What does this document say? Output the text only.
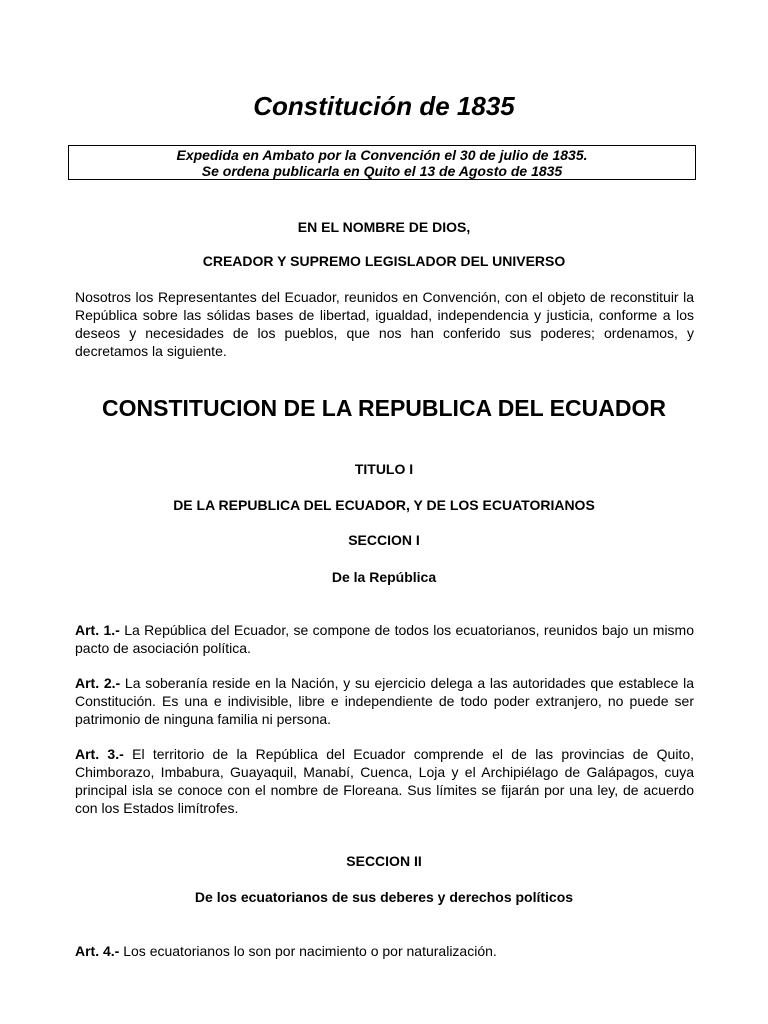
Constitución de 1835
Expedida en Ambato por la Convención el 30 de julio de 1835.
Se ordena publicarla en Quito el 13 de Agosto de 1835
EN EL NOMBRE DE DIOS,
CREADOR Y SUPREMO LEGISLADOR DEL UNIVERSO
Nosotros los Representantes del Ecuador, reunidos en Convención, con el objeto de reconstituir la República sobre las sólidas bases de libertad, igualdad, independencia y justicia, conforme a los deseos y necesidades de los pueblos, que nos han conferido sus poderes; ordenamos, y decretamos la siguiente.
CONSTITUCION DE LA REPUBLICA DEL ECUADOR
TITULO I
DE LA REPUBLICA DEL ECUADOR, Y DE LOS ECUATORIANOS
SECCION I
De la República
Art. 1.- La República del Ecuador, se compone de todos los ecuatorianos, reunidos bajo un mismo pacto de asociación política.
Art. 2.- La soberanía reside en la Nación, y su ejercicio delega a las autoridades que establece la Constitución. Es una e indivisible, libre e independiente de todo poder extranjero, no puede ser patrimonio de ninguna familia ni persona.
Art. 3.- El territorio de la República del Ecuador comprende el de las provincias de Quito, Chimborazo, Imbabura, Guayaquil, Manabí, Cuenca, Loja y el Archipiélago de Galápagos, cuya principal isla se conoce con el nombre de Floreana. Sus límites se fijarán por una ley, de acuerdo con los Estados limítrofes.
SECCION II
De los ecuatorianos de sus deberes y derechos políticos
Art. 4.- Los ecuatorianos lo son por nacimiento o por naturalización.
